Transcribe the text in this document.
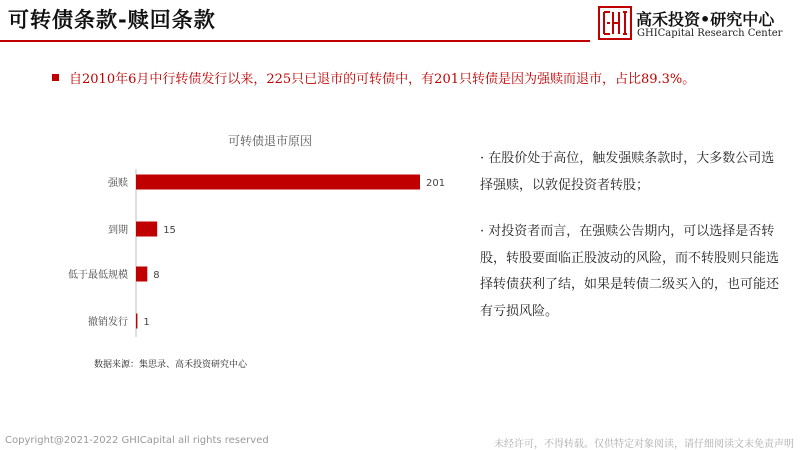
可转债条款-赎回条款	高禾投资•研究中心
GHICapital Research Center
自2010年6月中行转债发行以来，225只已退市的可转债中，有201只转债是因为强赎而退市，占比89.3%。
可转债退市原因
强赎	201
到期	15
低于最低规模	8
撤销发行 1
数据来源：集思录、高禾投资研究中心

· 在股价处于高位，触发强赎条款时，大多数公司选择强赎，以敦促投资者转股；

· 对投资者而言，在强赎公告期内，可以选择是否转股，转股要面临正股波动的风险，而不转股则只能选择转债获利了结，如果是转债二级买入的，也可能还有亏损风险。

Copyright@2021-2022 GHICapital all rights reserved	未经许可，不得转载。仅供特定对象阅读，请仔细阅读文末免责声明
